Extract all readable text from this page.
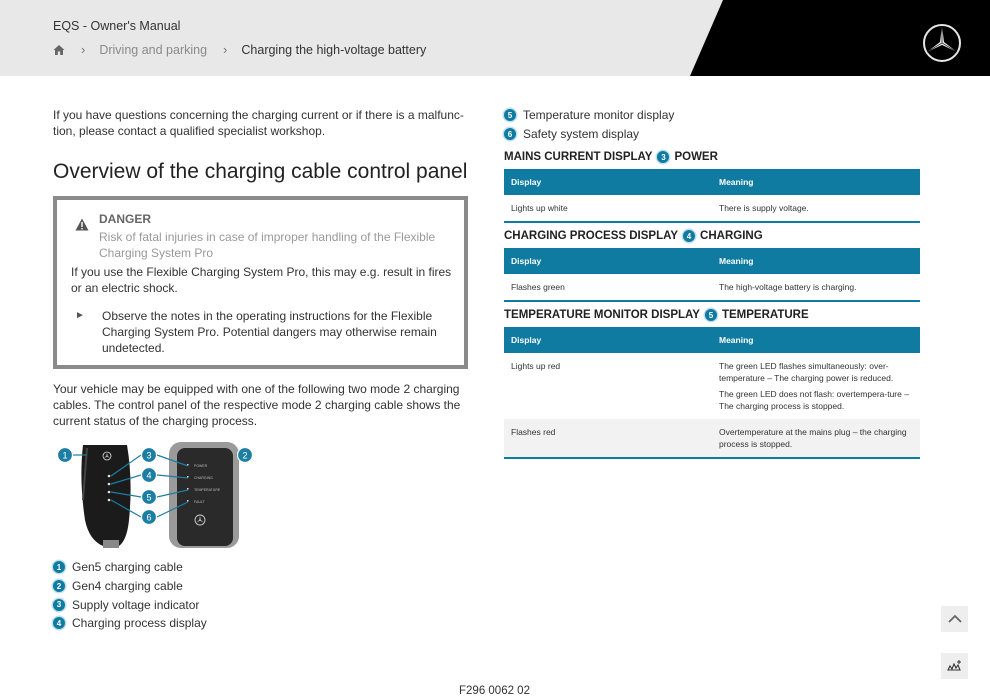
EQS - Owner's Manual
› Driving and parking › Charging the high-voltage battery

If you have questions concerning the charging current or if there is a malfunc-tion, please contact a qualified specialist workshop.

Overview of the charging cable control panel
DANGER
Risk of fatal injuries in case of improper handling of the Flexible Charging System Pro
If you use the Flexible Charging System Pro, this may e.g. result in fires or an electric shock.
► Observe the notes in the operating instructions for the Flexible Charging System Pro. Potential dangers may otherwise remain undetected.

Your vehicle may be equipped with one of the following two mode 2 charging cables. The control panel of the respective mode 2 charging cable shows the current status of the charging process.

POWER
CHARGING
TEMPERATURE
FAULT
1	2
3
4
5
6
1 Gen5 charging cable
2 Gen4 charging cable
3 Supply voltage indicator
4 Charging process display
5 Temperature monitor display
6 Safety system display
MAINS CURRENT DISPLAY	3 POWER
Display	Meaning
Lights up white	There is supply voltage.
CHARGING PROCESS DISPLAY	4 CHARGING
Display	Meaning
Flashes green	The high-voltage battery is charging.
TEMPERATURE MONITOR DISPLAY	5 TEMPERATURE
Display	Meaning
Lights up red	The green LED flashes simultaneously: over-temperature – The charging power is reduced.
The green LED does not flash: overtempera-ture – The charging process is stopped.

Flashes red	Overtemperature at the mains plug – the charging process is stopped.
F296 0062 02
